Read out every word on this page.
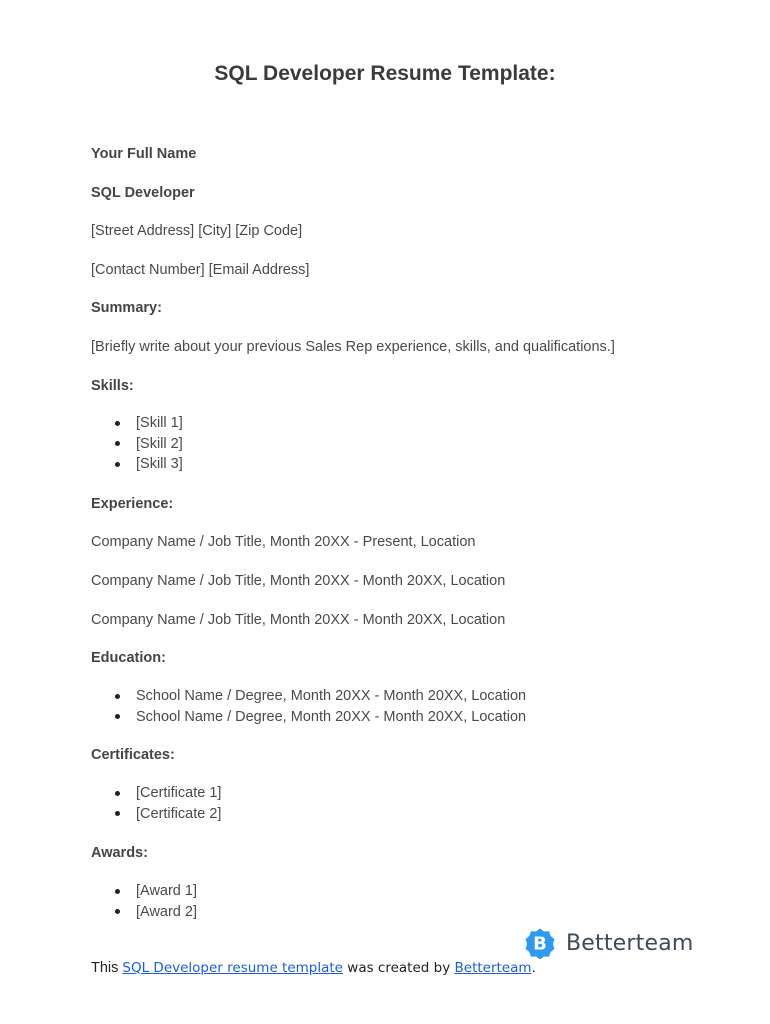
SQL Developer Resume Template:

Your Full Name

SQL Developer

[Street Address] [City] [Zip Code]

[Contact Number] [Email Address]

Summary:

[Briefly write about your previous Sales Rep experience, skills, and qualifications.]

Skills:

[Skill 1]
[Skill 2]
[Skill 3]

Experience:

Company Name / Job Title, Month 20XX - Present, Location

Company Name / Job Title, Month 20XX - Month 20XX, Location

Company Name / Job Title, Month 20XX - Month 20XX, Location

Education:

School Name / Degree, Month 20XX - Month 20XX, Location
School Name / Degree, Month 20XX - Month 20XX, Location

Certificates:

[Certificate 1]
[Certificate 2]

Awards:

[Award 1]
[Award 2]

This SQL Developer resume template was created by Betterteam.

B Betterteam
